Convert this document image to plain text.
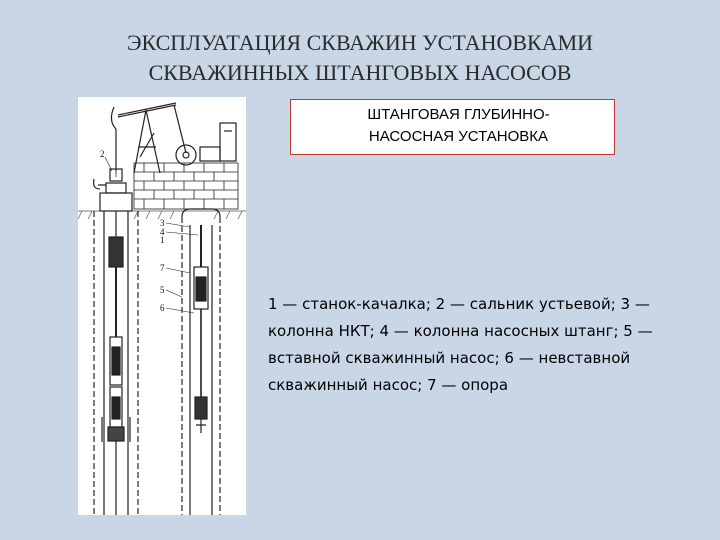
ЭКСПЛУАТАЦИЯ СКВАЖИН УСТАНОВКАМИ
СКВАЖИННЫХ ШТАНГОВЫХ НАСОСОВ
2
3
4
1
7
5
6
ШТАНГОВАЯ ГЛУБИННО-
НАСОСНАЯ УСТАНОВКА

1 — станок-качалка; 2 — сальник устьевой; 3 — колонна НКТ; 4 — колонна насосных штанг; 5 — вставной скважинный насос; 6 — невставной скважинный насос; 7 — опора
